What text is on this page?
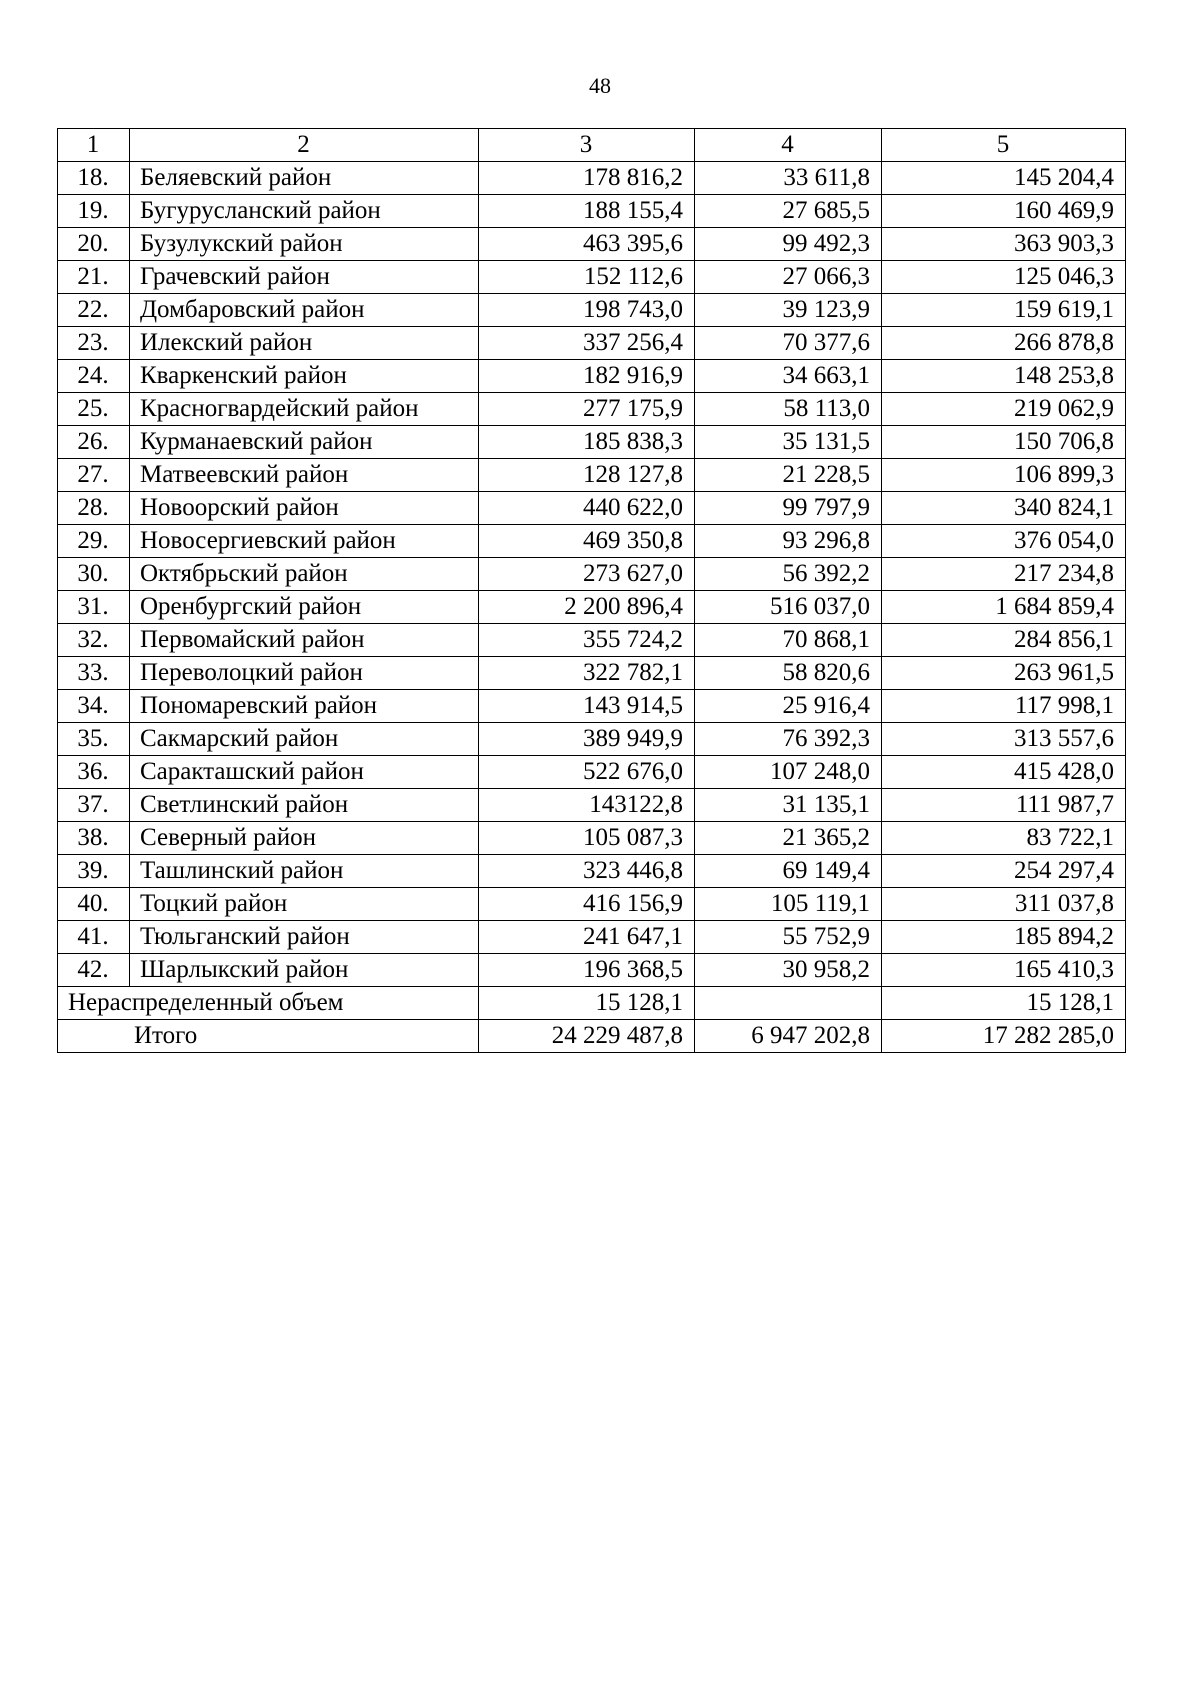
48
1	2	3	4	5
18.	Беляевский район	178 816,2	33 611,8	145 204,4
19.	Бугурусланский район	188 155,4	27 685,5	160 469,9
20.	Бузулукский район	463 395,6	99 492,3	363 903,3
21.	Грачевский район	152 112,6	27 066,3	125 046,3
22.	Домбаровский район	198 743,0	39 123,9	159 619,1
23.	Илекский район	337 256,4	70 377,6	266 878,8
24.	Кваркенский район	182 916,9	34 663,1	148 253,8
25.	Красногвардейский район	277 175,9	58 113,0	219 062,9
26.	Курманаевский район	185 838,3	35 131,5	150 706,8
27.	Матвеевский район	128 127,8	21 228,5	106 899,3
28.	Новоорский район	440 622,0	99 797,9	340 824,1
29.	Новосергиевский район	469 350,8	93 296,8	376 054,0
30.	Октябрьский район	273 627,0	56 392,2	217 234,8
31.	Оренбургский район	2 200 896,4	516 037,0	1 684 859,4
32.	Первомайский район	355 724,2	70 868,1	284 856,1
33.	Переволоцкий район	322 782,1	58 820,6	263 961,5
34.	Пономаревский район	143 914,5	25 916,4	117 998,1
35.	Сакмарский район	389 949,9	76 392,3	313 557,6
36.	Саракташский район	522 676,0	107 248,0	415 428,0
37.	Светлинский район	143122,8	31 135,1	111 987,7
38.	Северный район	105 087,3	21 365,2	83 722,1
39.	Ташлинский район	323 446,8	69 149,4	254 297,4
40.	Тоцкий район	416 156,9	105 119,1	311 037,8
41.	Тюльганский район	241 647,1	55 752,9	185 894,2
42.	Шарлыкский район	196 368,5	30 958,2	165 410,3
Нераспределенный объем		15 128,1		15 128,1
Итого		24 229 487,8	6 947 202,8	17 282 285,0
